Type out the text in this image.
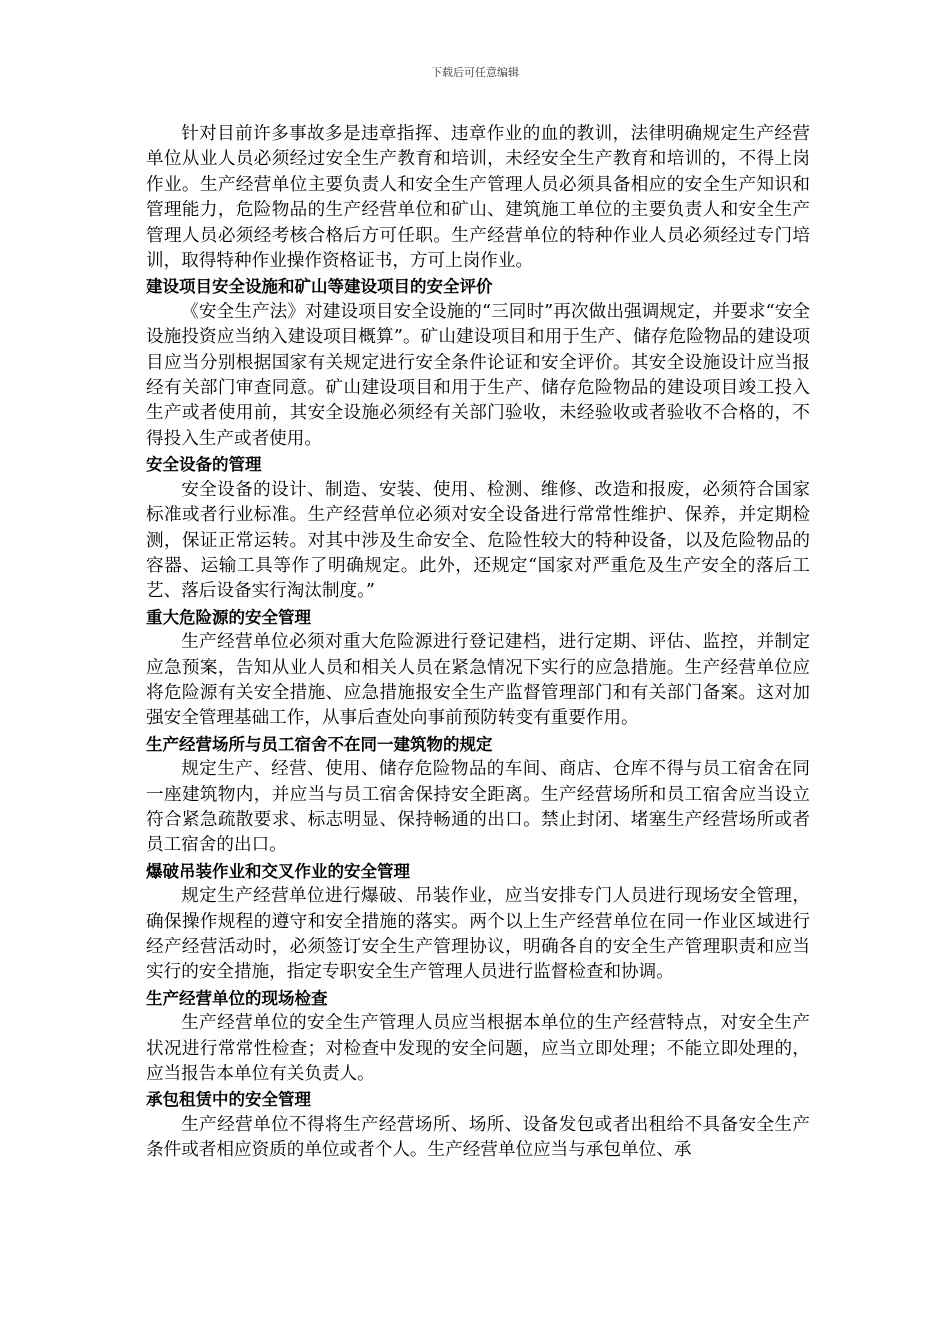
下载后可任意编辑

针对目前许多事故多是违章指挥、违章作业的血的教训，法律明确规定生产经营单位从业人员必须经过安全生产教育和培训，未经安全生产教育和培训的，不得上岗作业。生产经营单位主要负责人和安全生产管理人员必须具备相应的安全生产知识和管理能力，危险物品的生产经营单位和矿山、建筑施工单位的主要负责人和安全生产管理人员必须经考核合格后方可任职。生产经营单位的特种作业人员必须经过专门培训，取得特种作业操作资格证书，方可上岗作业。

建设项目安全设施和矿山等建设项目的安全评价

《安全生产法》对建设项目安全设施的“三同时”再次做出强调规定，并要求“安全设施投资应当纳入建设项目概算”。矿山建设项目和用于生产、储存危险物品的建设项目应当分别根据国家有关规定进行安全条件论证和安全评价。其安全设施设计应当报经有关部门审查同意。矿山建设项目和用于生产、储存危险物品的建设项目竣工投入生产或者使用前，其安全设施必须经有关部门验收，未经验收或者验收不合格的，不得投入生产或者使用。

安全设备的管理

安全设备的设计、制造、安装、使用、检测、维修、改造和报废，必须符合国家标准或者行业标准。生产经营单位必须对安全设备进行常常性维护、保养，并定期检测，保证正常运转。对其中涉及生命安全、危险性较大的特种设备，以及危险物品的容器、运输工具等作了明确规定。此外，还规定“国家对严重危及生产安全的落后工艺、落后设备实行淘汰制度。”

重大危险源的安全管理

生产经营单位必须对重大危险源进行登记建档，进行定期、评估、监控，并制定应急预案，告知从业人员和相关人员在紧急情况下实行的应急措施。生产经营单位应将危险源有关安全措施、应急措施报安全生产监督管理部门和有关部门备案。这对加强安全管理基础工作，从事后查处向事前预防转变有重要作用。

生产经营场所与员工宿舍不在同一建筑物的规定

规定生产、经营、使用、储存危险物品的车间、商店、仓库不得与员工宿舍在同一座建筑物内，并应当与员工宿舍保持安全距离。生产经营场所和员工宿舍应当设立符合紧急疏散要求、标志明显、保持畅通的出口。禁止封闭、堵塞生产经营场所或者员工宿舍的出口。

爆破吊装作业和交叉作业的安全管理

规定生产经营单位进行爆破、吊装作业，应当安排专门人员进行现场安全管理，确保操作规程的遵守和安全措施的落实。两个以上生产经营单位在同一作业区域进行经产经营活动时，必须签订安全生产管理协议，明确各自的安全生产管理职责和应当实行的安全措施，指定专职安全生产管理人员进行监督检查和协调。

生产经营单位的现场检查

生产经营单位的安全生产管理人员应当根据本单位的生产经营特点，对安全生产状况进行常常性检查；对检查中发现的安全问题，应当立即处理；不能立即处理的，应当报告本单位有关负责人。

承包租赁中的安全管理

生产经营单位不得将生产经营场所、场所、设备发包或者出租给不具备安全生产条件或者相应资质的单位或者个人。生产经营单位应当与承包单位、承
